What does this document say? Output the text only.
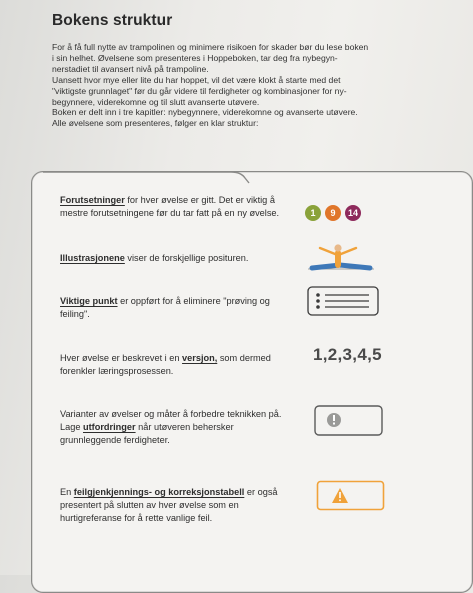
Bokens struktur

For å få full nytte av trampolinen og minimere risikoen for skader bør du lese boken i sin helhet. Øvelsene som presenteres i Hoppeboken, tar deg fra nybegyn-nerstadiet til avansert nivå på trampoline.

Uansett hvor mye eller lite du har hoppet, vil det være klokt å starte med det "viktigste grunnlaget" før du går videre til ferdigheter og kombinasjoner for ny-begynnere, viderekomne og til slutt avanserte utøvere.

Boken er delt inn i tre kapitler: nybegynnere, viderekomne og avanserte utøvere. Alle øvelsene som presenteres, følger en klar struktur:

Forutsetninger for hver øvelse er gitt. Det er viktig å mestre forutsetningene før du tar fatt på en ny øvelse.	1 9 14
Illustrasjonene viser de forskjellige posituren.
Viktige punkt er oppført for å eliminere "prøving og feiling".
Hver øvelse er beskrevet i en versjon, som dermed forenkler læringsprosessen.
1,2,3,4,5
Varianter av øvelser og måter å forbedre teknikken på. Lage utfordringer når utøveren behersker grunnleggende ferdigheter.
En feilgjenkjennings- og korreksjonstabell er også presentert på slutten av hver øvelse som en hurtigreferanse for å rette vanlige feil.
